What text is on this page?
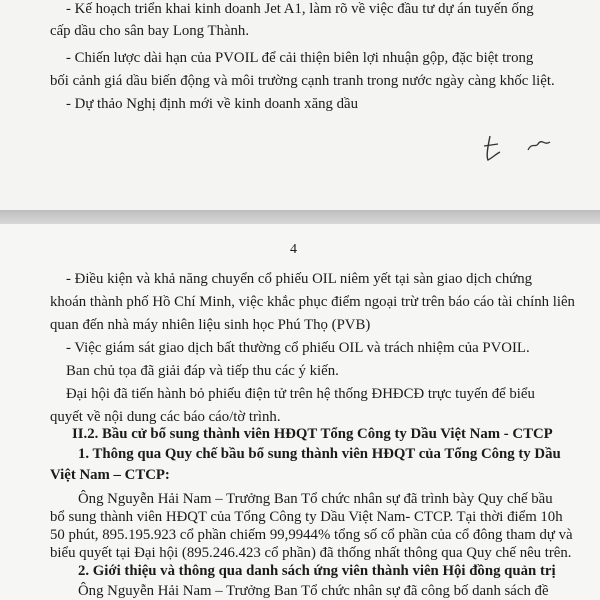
- Kế hoạch triển khai kinh doanh Jet A1, làm rõ về việc đầu tư dự án tuyến ống
cấp dầu cho sân bay Long Thành.
- Chiến lược dài hạn của PVOIL để cải thiện biên lợi nhuận gộp, đặc biệt trong
bối cảnh giá dầu biến động và môi trường cạnh tranh trong nước ngày càng khốc liệt.
- Dự thảo Nghị định mới về kinh doanh xăng dầu
4
- Điều kiện và khả năng chuyển cổ phiếu OIL niêm yết tại sàn giao dịch chứng
khoán thành phố Hồ Chí Minh, việc khắc phục điểm ngoại trừ trên báo cáo tài chính liên
quan đến nhà máy nhiên liệu sinh học Phú Thọ (PVB)
- Việc giám sát giao dịch bất thường cổ phiếu OIL và trách nhiệm của PVOIL.
Ban chủ tọa đã giải đáp và tiếp thu các ý kiến.
Đại hội đã tiến hành bỏ phiếu điện tử trên hệ thống ĐHĐCĐ trực tuyến để biểu
quyết về nội dung các báo cáo/tờ trình.
II.2. Bầu cử bổ sung thành viên HĐQT Tổng Công ty Dầu Việt Nam - CTCP
1. Thông qua Quy chế bầu bổ sung thành viên HĐQT của Tổng Công ty Dầu
Việt Nam – CTCP:
Ông Nguyễn Hải Nam – Trưởng Ban Tổ chức nhân sự đã trình bày Quy chế bầu
bổ sung thành viên HĐQT của Tổng Công ty Dầu Việt Nam- CTCP. Tại thời điểm 10h
50 phút, 895.195.923 cổ phần chiếm 99,9944% tổng số cổ phần của cổ đông tham dự và
biểu quyết tại Đại hội (895.246.423 cổ phần) đã thống nhất thông qua Quy chế nêu trên.
2. Giới thiệu và thông qua danh sách ứng viên thành viên Hội đồng quản trị
Ông Nguyễn Hải Nam – Trưởng Ban Tổ chức nhân sự đã công bố danh sách đề
